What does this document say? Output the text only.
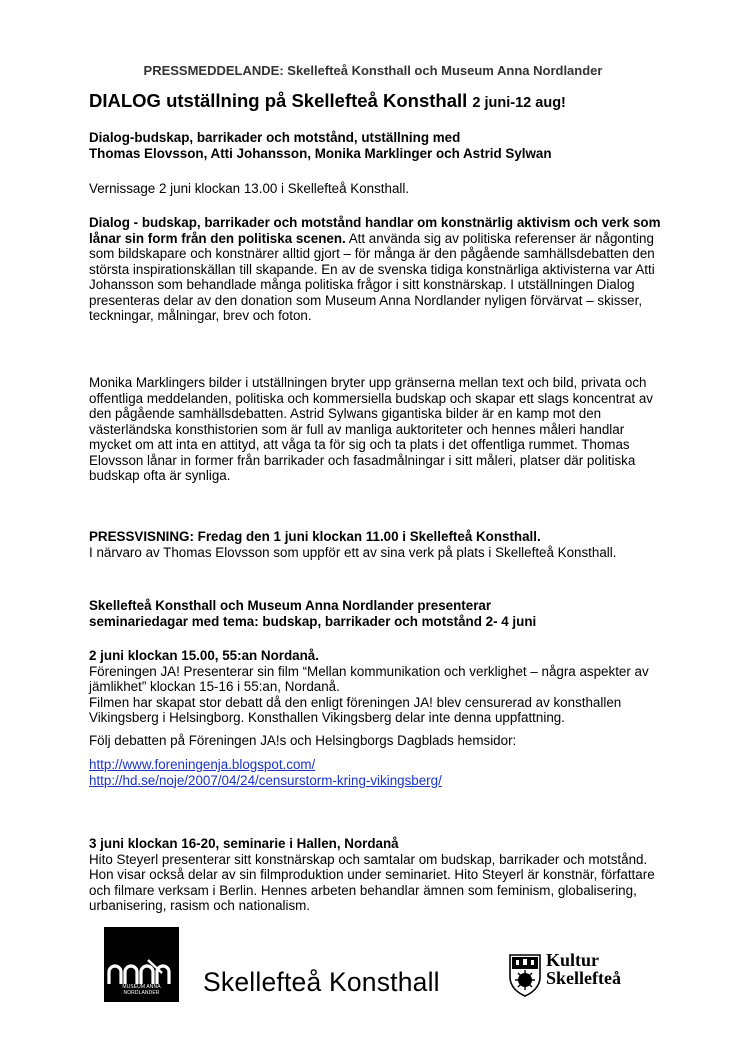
PRESSMEDDELANDE: Skellefteå Konsthall och Museum Anna Nordlander
DIALOG utställning på Skellefteå Konsthall 2 juni-12 aug!
Dialog-budskap, barrikader och motstånd, utställning med
Thomas Elovsson, Atti Johansson, Monika Marklinger och Astrid Sylwan
Vernissage 2 juni klockan 13.00 i Skellefteå Konsthall.
Dialog - budskap, barrikader och motstånd handlar om konstnärlig aktivism och verk som lånar sin form från den politiska scenen. Att använda sig av politiska referenser är någonting som bildskapare och konstnärer alltid gjort – för många är den pågående samhällsdebatten den största inspirationskällan till skapande. En av de svenska tidiga konstnärliga aktivisterna var Atti Johansson som behandlade många politiska frågor i sitt konstnärskap. I utställningen Dialog presenteras delar av den donation som Museum Anna Nordlander nyligen förvärvat – skisser, teckningar, målningar, brev och foton.
Monika Marklingers bilder i utställningen bryter upp gränserna mellan text och bild, privata och offentliga meddelanden, politiska och kommersiella budskap och skapar ett slags koncentrat av den pågående samhällsdebatten. Astrid Sylwans gigantiska bilder är en kamp mot den västerländska konsthistorien som är full av manliga auktoriteter och hennes måleri handlar mycket om att inta en attityd, att våga ta för sig och ta plats i det offentliga rummet. Thomas Elovsson lånar in former från barrikader och fasadmålningar i sitt måleri, platser där politiska budskap ofta är synliga.
PRESSVISNING: Fredag den 1 juni klockan 11.00 i Skellefteå Konsthall.
I närvaro av Thomas Elovsson som uppför ett av sina verk på plats i Skellefteå Konsthall.
Skellefteå Konsthall och Museum Anna Nordlander presenterar
seminariedagar med tema: budskap, barrikader och motstånd 2- 4 juni
2 juni klockan 15.00, 55:an Nordanå.
Föreningen JA! Presenterar sin film “Mellan kommunikation och verklighet – några aspekter av jämlikhet” klockan 15-16 i 55:an, Nordanå.
Filmen har skapat stor debatt då den enligt föreningen JA! blev censurerad av konsthallen Vikingsberg i Helsingborg. Konsthallen Vikingsberg delar inte denna uppfattning.
Följ debatten på Föreningen JA!s och Helsingborgs Dagblads hemsidor:
http://www.foreningenja.blogspot.com/
http://hd.se/noje/2007/04/24/censurstorm-kring-vikingsberg/
3 juni klockan 16-20, seminarie i Hallen, Nordanå
Hito Steyerl presenterar sitt konstnärskap och samtalar om budskap, barrikader och motstånd. Hon visar också delar av sin filmproduktion under seminariet. Hito Steyerl är konstnär, författare och filmare verksam i Berlin. Hennes arbeten behandlar ämnen som feminism, globalisering, urbanisering, rasism och nationalism.
MUSEUM ANNA NORDLANDER	Skellefteå Konsthall
Kultur
Skellefteå
